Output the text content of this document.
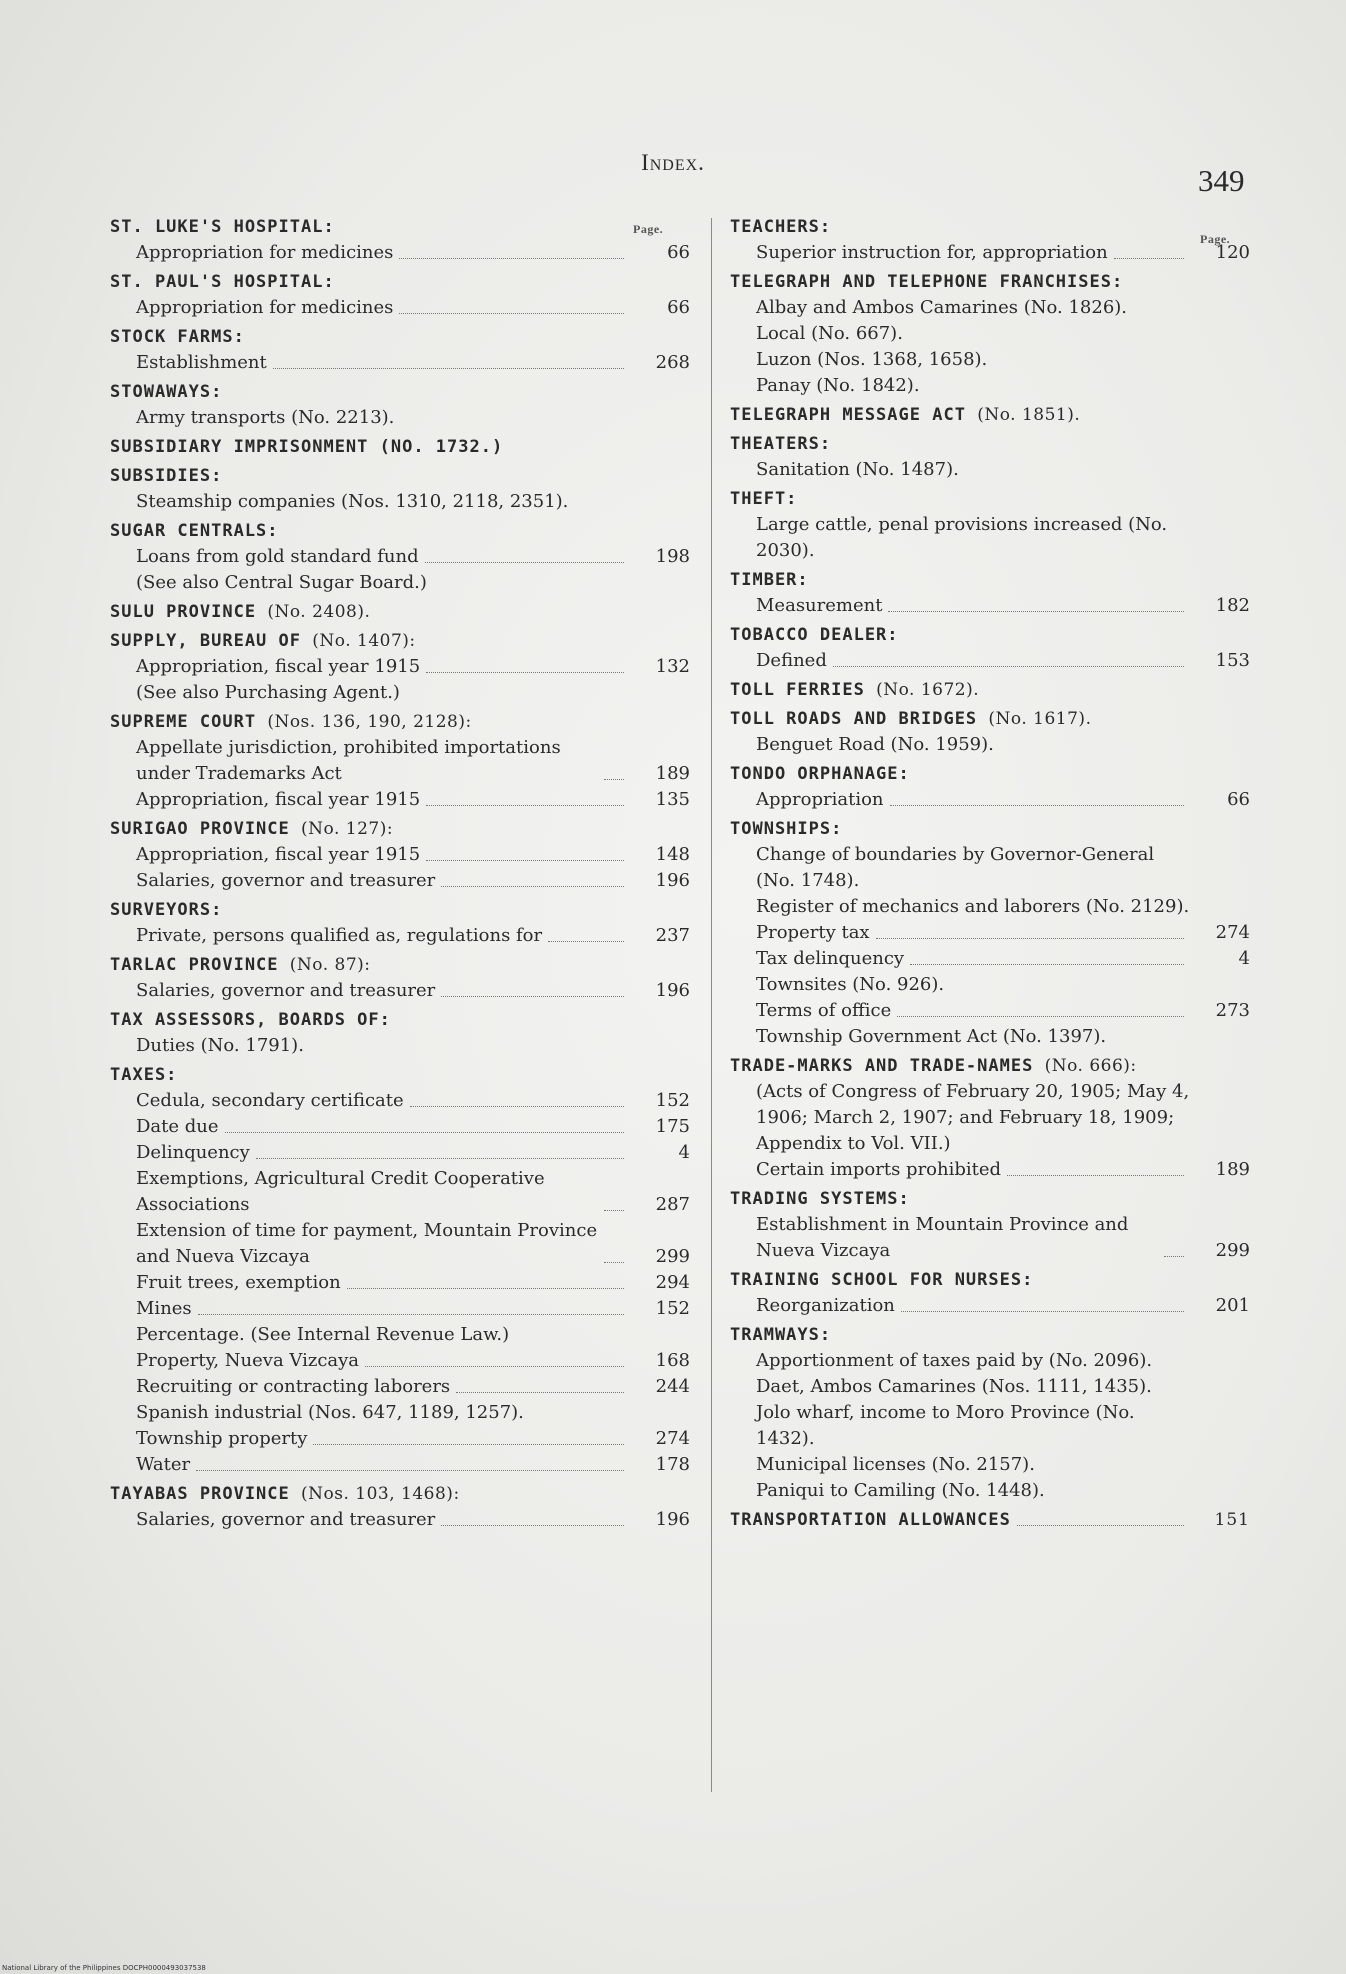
Index.
349
Page.
Page.
ST. LUKE'S HOSPITAL:
Appropriation for medicines	66
ST. PAUL'S HOSPITAL:
Appropriation for medicines	66
STOCK FARMS:
Establishment	268
STOWAWAYS:
Army transports (No. 2213).
SUBSIDIARY IMPRISONMENT (NO. 1732.)
SUBSIDIES:
Steamship companies (Nos. 1310, 2118, 2351).
SUGAR CENTRALS:
Loans from gold standard fund	198
(See also Central Sugar Board.)
SULU PROVINCE (No. 2408).
SUPPLY, BUREAU OF (No. 1407):
Appropriation, fiscal year 1915	132
(See also Purchasing Agent.)
SUPREME COURT (Nos. 136, 190, 2128):
Appellate jurisdiction, prohibited importations under Trademarks Act	189
Appropriation, fiscal year 1915	135
SURIGAO PROVINCE (No. 127):
Appropriation, fiscal year 1915	148
Salaries, governor and treasurer	196
SURVEYORS:
Private, persons qualified as, regulations for	237
TARLAC PROVINCE (No. 87):
Salaries, governor and treasurer	196
TAX ASSESSORS, BOARDS OF:
Duties (No. 1791).
TAXES:
Cedula, secondary certificate	152
Date due	175
Delinquency	4
Exemptions, Agricultural Credit Cooperative Associations	287
Extension of time for payment, Mountain Province and Nueva Vizcaya	299
Fruit trees, exemption	294
Mines	152
Percentage. (See Internal Revenue Law.)
Property, Nueva Vizcaya	168
Recruiting or contracting laborers	244
Spanish industrial (Nos. 647, 1189, 1257).
Township property	274
Water	178
TAYABAS PROVINCE (Nos. 103, 1468):
Salaries, governor and treasurer	196
TEACHERS:
Superior instruction for, appropriation	120
TELEGRAPH AND TELEPHONE FRANCHISES:
Albay and Ambos Camarines (No. 1826).
Local (No. 667).
Luzon (Nos. 1368, 1658).
Panay (No. 1842).
TELEGRAPH MESSAGE ACT (No. 1851).
THEATERS:
Sanitation (No. 1487).
THEFT:
Large cattle, penal provisions increased (No. 2030).
TIMBER:
Measurement	182
TOBACCO DEALER:
Defined	153
TOLL FERRIES (No. 1672).
TOLL ROADS AND BRIDGES (No. 1617).
Benguet Road (No. 1959).
TONDO ORPHANAGE:
Appropriation	66
TOWNSHIPS:
Change of boundaries by Governor-General (No. 1748).
Register of mechanics and laborers (No. 2129).
Property tax	274
Tax delinquency	4
Townsites (No. 926).
Terms of office	273
Township Government Act (No. 1397).
TRADE-MARKS AND TRADE-NAMES (No. 666):
(Acts of Congress of February 20, 1905; May 4, 1906; March 2, 1907; and February 18, 1909; Appendix to Vol. VII.)
Certain imports prohibited	189
TRADING SYSTEMS:
Establishment in Mountain Province and Nueva Vizcaya	299
TRAINING SCHOOL FOR NURSES:
Reorganization	201
TRAMWAYS:
Apportionment of taxes paid by (No. 2096).
Daet, Ambos Camarines (Nos. 1111, 1435).
Jolo wharf, income to Moro Province (No. 1432).
Municipal licenses (No. 2157).
Paniqui to Camiling (No. 1448).
TRANSPORTATION ALLOWANCES	151
National Library of the Philippines DOCPH0000493037538
